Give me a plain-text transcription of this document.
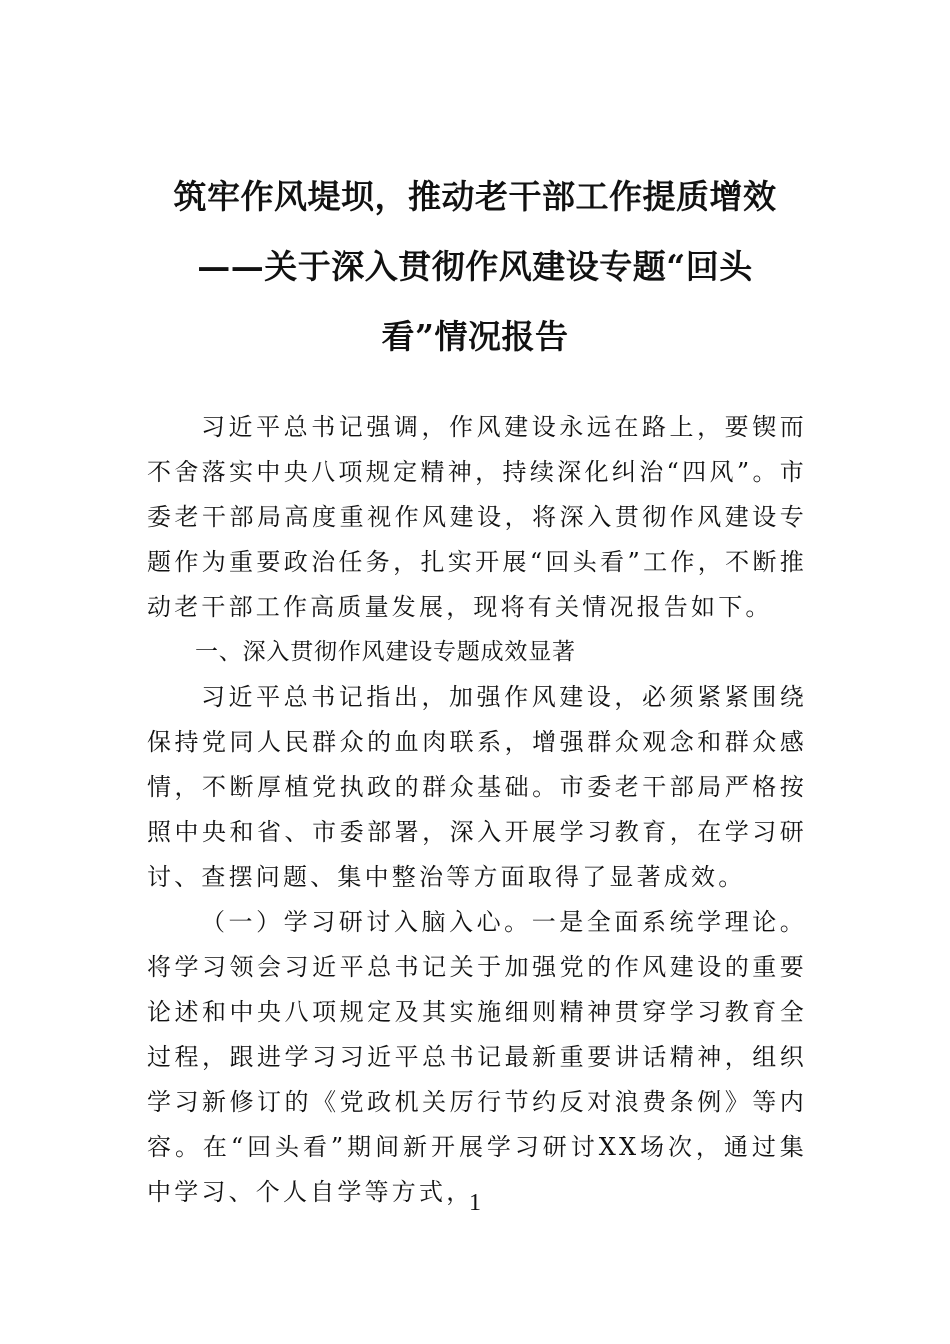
筑牢作风堤坝，推动老干部工作提质增效
——关于深入贯彻作风建设专题“回头
看”情况报告

习近平总书记强调，作风建设永远在路上，要锲而不舍落实中央八项规定精神，持续深化纠治“四风”。市委老干部局高度重视作风建设，将深入贯彻作风建设专题作为重要政治任务，扎实开展“回头看”工作，不断推动老干部工作高质量发展，现将有关情况报告如下。

一、深入贯彻作风建设专题成效显著

习近平总书记指出，加强作风建设，必须紧紧围绕保持党同人民群众的血肉联系，增强群众观念和群众感情，不断厚植党执政的群众基础。市委老干部局严格按照中央和省、市委部署，深入开展学习教育，在学习研讨、查摆问题、集中整治等方面取得了显著成效。

（一）学习研讨入脑入心。一是全面系统学理论。将学习领会习近平总书记关于加强党的作风建设的重要论述和中央八项规定及其实施细则精神贯穿学习教育全过程，跟进学习习近平总书记最新重要讲话精神，组织学习新修订的《党政机关厉行节约反对浪费条例》等内容。在“回头看”期间新开展学习研讨XX场次，通过集中学习、个人自学等方式，

1
